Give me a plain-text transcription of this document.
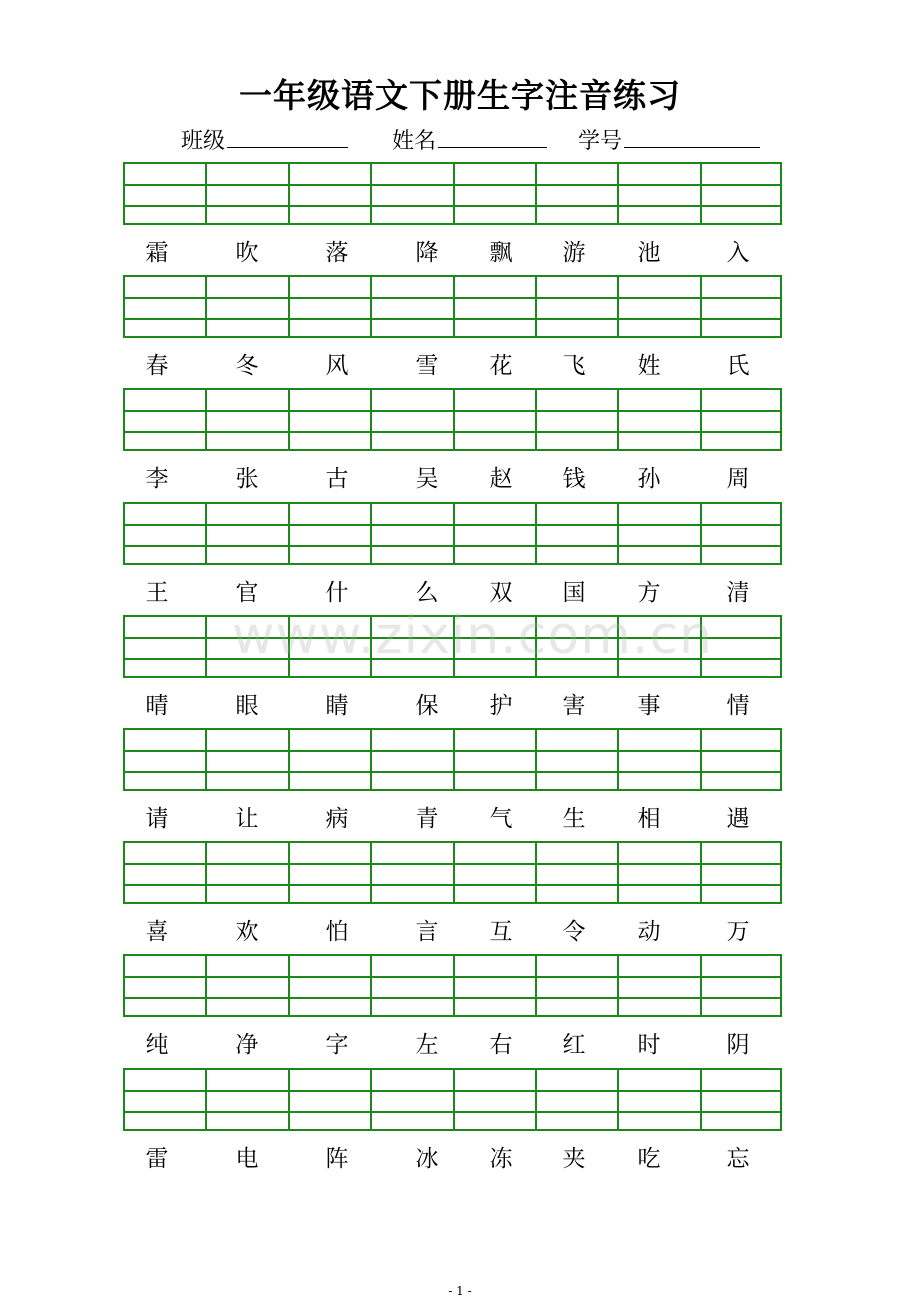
一年级语文下册生字注音练习
班级	姓名	学号
霜	吹	落	降	飘	游	池	入
春	冬	风	雪	花	飞	姓	氏
李	张	古	吴	赵	钱	孙	周
王	官	什	么	双	国	方	清
晴	眼	睛	保	护	害	事	情
请	让	病	青	气	生	相	遇
喜	欢	怕	言	互	令	动	万
纯	净	字	左	右	红	时	阴
雷	电	阵	冰	冻	夹	吃	忘
www.zixin.com.cn
- 1 -
